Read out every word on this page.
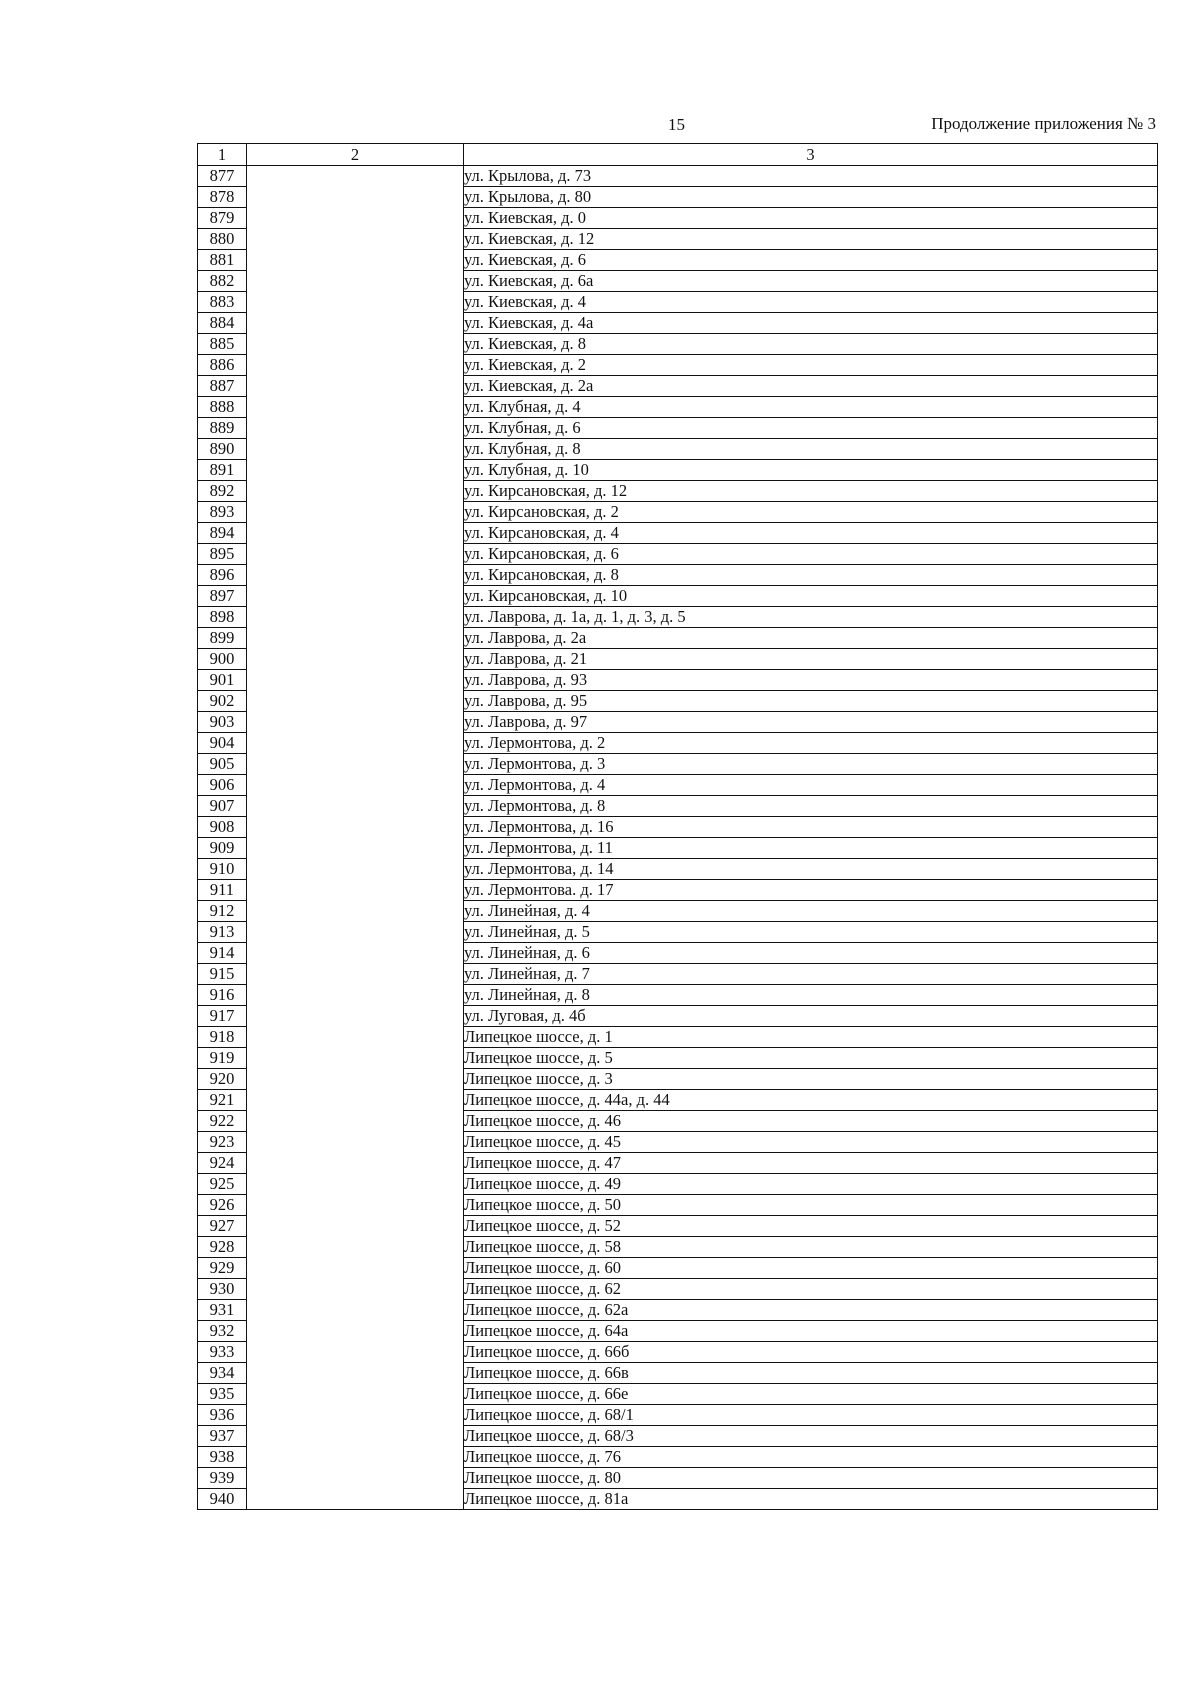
15	Продолжение приложения № 3
1	2	3
877		ул. Крылова, д. 73
878		ул. Крылова, д. 80
879		ул. Киевская, д. 0
880		ул. Киевская, д. 12
881		ул. Киевская, д. 6
882		ул. Киевская, д. 6а
883		ул. Киевская, д. 4
884		ул. Киевская, д. 4а
885		ул. Киевская, д. 8
886		ул. Киевская, д. 2
887		ул. Киевская, д. 2а
888		ул. Клубная, д. 4
889		ул. Клубная, д. 6
890		ул. Клубная, д. 8
891		ул. Клубная, д. 10
892		ул. Кирсановская, д. 12
893		ул. Кирсановская, д. 2
894		ул. Кирсановская, д. 4
895		ул. Кирсановская, д. 6
896		ул. Кирсановская, д. 8
897		ул. Кирсановская, д. 10
898		ул. Лаврова, д. 1а, д. 1, д. 3, д. 5
899		ул. Лаврова, д. 2а
900		ул. Лаврова, д. 21
901		ул. Лаврова, д. 93
902		ул. Лаврова, д. 95
903		ул. Лаврова, д. 97
904		ул. Лермонтова, д. 2
905		ул. Лермонтова, д. 3
906		ул. Лермонтова, д. 4
907		ул. Лермонтова, д. 8
908		ул. Лермонтова, д. 16
909		ул. Лермонтова, д. 11
910		ул. Лермонтова, д. 14
911		ул. Лермонтова. д. 17
912		ул. Линейная, д. 4
913		ул. Линейная, д. 5
914		ул. Линейная, д. 6
915		ул. Линейная, д. 7
916		ул. Линейная, д. 8
917		ул. Луговая, д. 4б
918		Липецкое шоссе, д. 1
919		Липецкое шоссе, д. 5
920		Липецкое шоссе, д. 3
921		Липецкое шоссе, д. 44а, д. 44
922		Липецкое шоссе, д. 46
923		Липецкое шоссе, д. 45
924		Липецкое шоссе, д. 47
925		Липецкое шоссе, д. 49
926		Липецкое шоссе, д. 50
927		Липецкое шоссе, д. 52
928		Липецкое шоссе, д. 58
929		Липецкое шоссе, д. 60
930		Липецкое шоссе, д. 62
931		Липецкое шоссе, д. 62а
932		Липецкое шоссе, д. 64а
933		Липецкое шоссе, д. 66б
934		Липецкое шоссе, д. 66в
935		Липецкое шоссе, д. 66е
936		Липецкое шоссе, д. 68/1
937		Липецкое шоссе, д. 68/3
938		Липецкое шоссе, д. 76
939		Липецкое шоссе, д. 80
940		Липецкое шоссе, д. 81а
